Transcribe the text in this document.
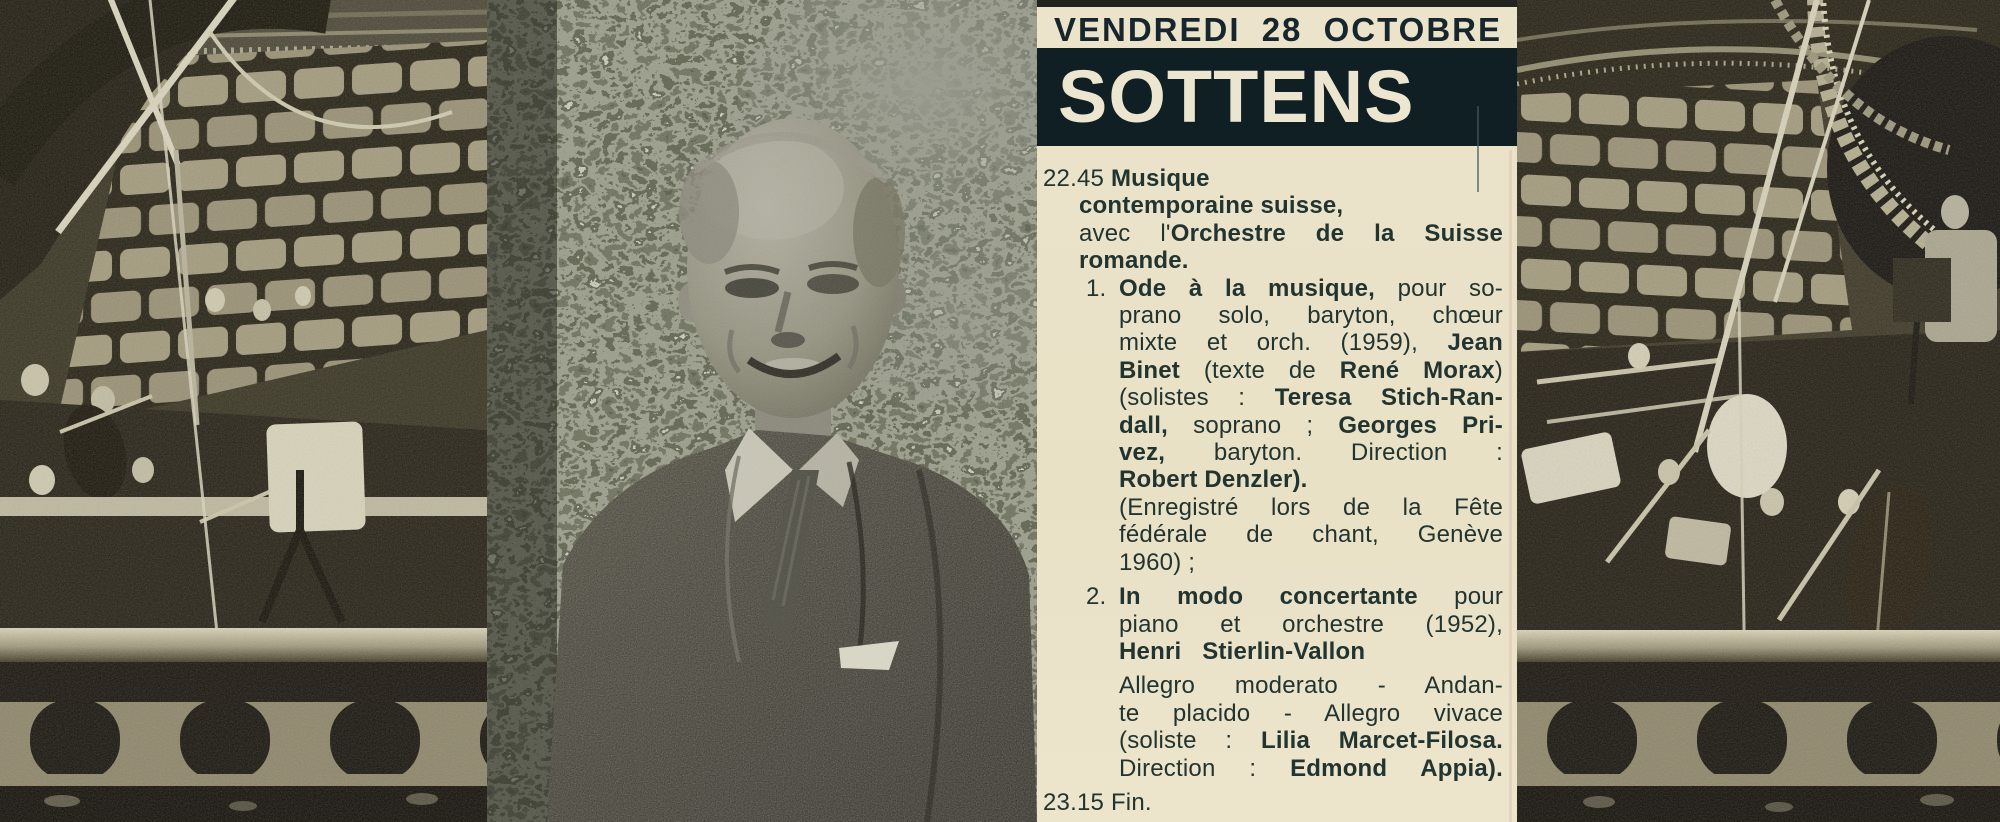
VENDREDI 28 OCTOBRE
SOTTENS
22.45 Musique
contemporaine suisse,
avec l'Orchestre de la Suisse
romande.
1. Ode à la musique, pour so-
prano solo, baryton, chœur
mixte et orch. (1959), Jean
Binet (texte de René Morax)
(solistes : Teresa Stich-Ran-
dall, soprano ; Georges Pri-
vez, baryton. Direction :
Robert Denzler).
(Enregistré lors de la Fête
fédérale de chant, Genève
1960) ;
2. In modo concertante pour
piano et orchestre (1952),
Henri Stierlin-Vallon
Allegro moderato - Andan-
te placido - Allegro vivace
(soliste : Lilia Marcet-Filosa.
Direction : Edmond Appia).
23.15 Fin.
